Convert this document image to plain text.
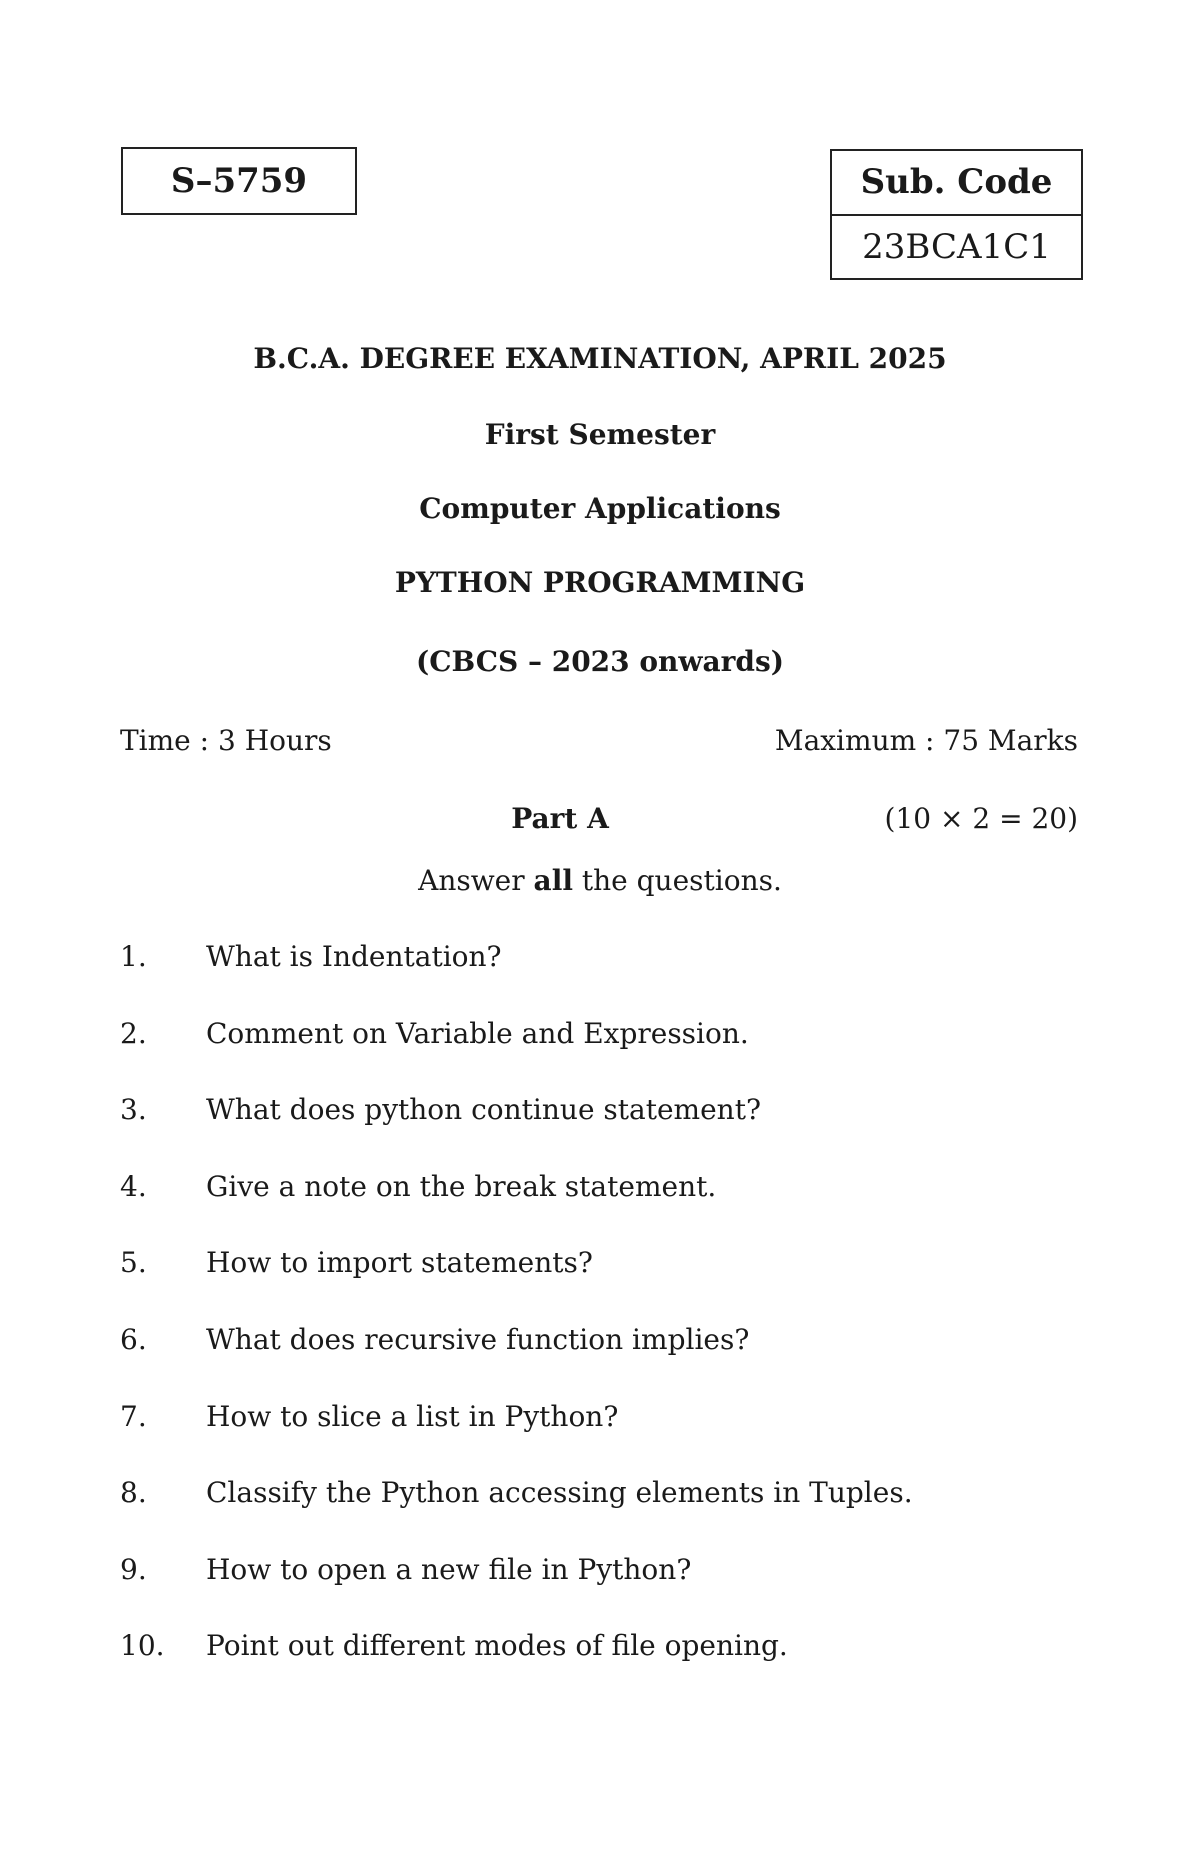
S–5759	Sub. Code
23BCA1C1
B.C.A. DEGREE EXAMINATION, APRIL 2025
First Semester
Computer Applications
PYTHON PROGRAMMING
(CBCS – 2023 onwards)
Time : 3 Hours	Maximum : 75 Marks
Part A	(10 × 2 = 20)
Answer all the questions.
1.	What is Indentation?
2.	Comment on Variable and Expression.
3.	What does python continue statement?
4.	Give a note on the break statement.
5.	How to import statements?
6.	What does recursive function implies?
7.	How to slice a list in Python?
8.	Classify the Python accessing elements in Tuples.
9.	How to open a new file in Python?
10.	Point out different modes of file opening.
